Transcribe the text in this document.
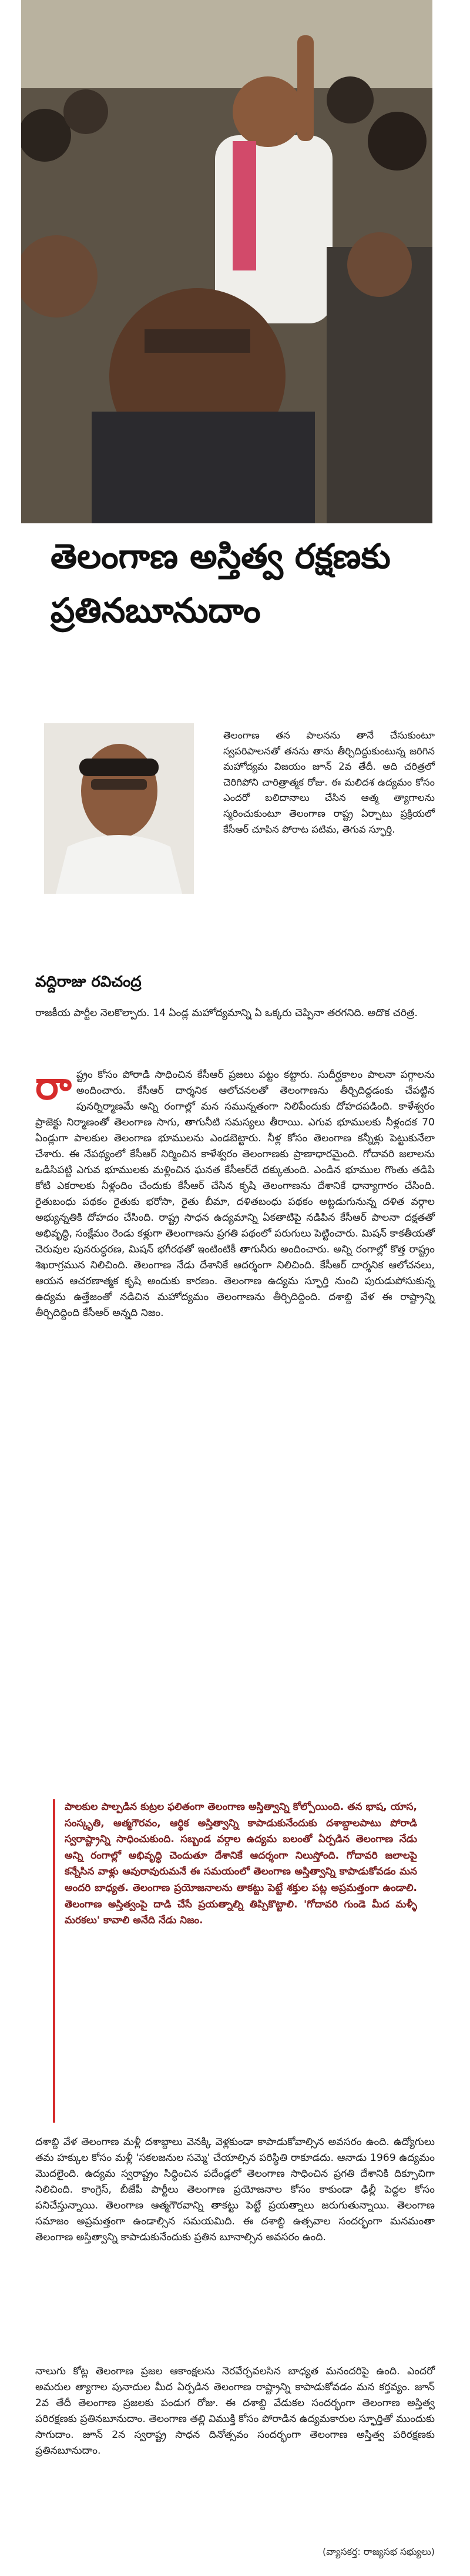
తెలంగాణ అస్తిత్వ రక్షణకు
ప్రతినబూనుదాం
వద్దిరాజు రవిచంద్ర

తెలంగాణ తన పాలనను తానే చేసుకుంటూ స్వపరిపాలనతో తనను తాను తీర్చిదిద్దుకుంటున్న జరిగిన మహోద్యమ విజయం జూన్ 2వ తేదీ. అది చరిత్రలో చెరిగిపోని చారిత్రాత్మక రోజు. ఈ మలిదశ ఉద్యమం కోసం ఎందరో బలిదానాలు చేసిన ఆత్మ త్యాగాలను స్మరించుకుంటూ తెలంగాణ రాష్ట్ర ఏర్పాటు ప్రక్రియలో కేసీఆర్ చూపిన పోరాట పటిమ, తెగువ స్ఫూర్తి.

రాజకీయ పార్టీల నెలకొల్పారు. 14 ఏండ్ల మహోద్యమాన్ని ఏ ఒక్కరు చెప్పినా తరగనిది. అదొక చరిత్ర.

రా ష్ట్రం కోసం పోరాడి సాధించిన కేసీఆర్ ప్రజలు పట్టం కట్టారు. సుదీర్ఘకాలం పాలనా పగ్గాలను అందించారు. కేసీఆర్ దార్శనిక ఆలోచనలతో తెలంగాణను తీర్చిదిద్దడంకు చేపట్టిన పునర్నిర్మాణమే అన్ని రంగాల్లో మన సమున్నతంగా నిలిపేందుకు దోహదపడింది. కాళేశ్వరం ప్రాజెక్టు నిర్మాణంతో తెలంగాణ సాగు, తాగునీటి సమస్యలు తీరాయి. ఎగువ భూములకు నీళ్లందక 70 ఏండ్లుగా పాలకుల తెలంగాణ భూములను ఎండబెట్టారు. నీళ్ల కోసం తెలంగాణ కన్నీళ్లు పెట్టుకునేలా చేశారు. ఈ నేపథ్యంలో కేసీఆర్ నిర్మించిన కాళేశ్వరం తెలంగాణకు ప్రాణాధారమైంది. గోదావరి జలాలను ఒడిసిపట్టి ఎగువ భూములకు మళ్లించిన ఘనత కేసీఆర్‌దే దక్కుతుంది. ఎండిన భూముల గొంతు తడిపి కోటి ఎకరాలకు నీళ్లందిం చేందుకు కేసీఆర్ చేసిన కృషి తెలంగాణను దేశానికే ధాన్యాగారం చేసింది. రైతుబంధు పథకం రైతుకు భరోసా, రైతు బీమా, దళితబంధు పథకం అట్టడుగునున్న దళిత వర్గాల అభ్యున్నతికి దోహదం చేసింది. రాష్ట్ర సాధన ఉద్యమాన్ని ఏకతాటిపై నడిపిన కేసీఆర్ పాలనా దక్షతతో అభివృద్ధి, సంక్షేమం రెండు కళ్లుగా తెలంగాణను ప్రగతి పథంలో పరుగులు పెట్టించారు. మిషన్ కాకతీయతో చెరువుల పునరుద్ధరణ, మిషన్ భగీరథతో ఇంటింటికీ తాగునీరు అందించారు. అన్ని రంగాల్లో కొత్త రాష్ట్రం శిఖరాగ్రమున నిలిచింది. తెలంగాణ నేడు దేశానికే ఆదర్శంగా నిలిచింది. కేసీఆర్ దార్శనిక ఆలోచనలు, ఆయన ఆచరణాత్మక కృషి అందుకు కారణం. తెలంగాణ ఉద్యమ స్ఫూర్తి నుంచి పురుడుపోసుకున్న ఉద్యమ ఉత్తేజంతో నడిచిన మహోద్యమం తెలంగాణను తీర్చిదిద్దింది. దశాబ్ది వేళ ఈ రాష్ట్రాన్ని తీర్చిదిద్దింది కేసీఆర్ అన్నది నిజం.

పాలకుల పాల్పడిన కుట్రల ఫలితంగా తెలంగాణ అస్తిత్వాన్ని కోల్పోయింది. తన భాష, యాస, సంస్కృతి, ఆత్మగౌరవం, ఆర్థిక అస్తిత్వాన్ని కాపాడుకునేందుకు దశాబ్దాలపాటు పోరాడి స్వరాష్ట్రాన్ని సాధించుకుంది. సబ్బండ వర్గాల ఉద్యమ బలంతో ఏర్పడిన తెలంగాణ నేడు అన్ని రంగాల్లో అభివృద్ధి చెందుతూ దేశానికే ఆదర్శంగా నిలుస్తోంది. గోదావరి జలాలపై కన్నేసిన వాళ్లు ఆవురావురుమనే ఈ సమయంలో తెలంగాణ అస్తిత్వాన్ని కాపాడుకోవడం మన అందరి బాధ్యత. తెలంగాణ ప్రయోజనాలను తాకట్టు పెట్టే శక్తుల పట్ల అప్రమత్తంగా ఉండాలి. తెలంగాణ అస్తిత్వంపై దాడి చేసే ప్రయత్నాల్ని తిప్పికొట్టాలి. 'గోదావరి గుండె మీద మళ్ళీ మరకలు' కావాలి అనేది నేడు నిజం.

దశాబ్ది వేళ తెలంగాణ మళ్లీ దశాబ్దాలు వెనక్కి వెళ్లకుండా కాపాడుకోవాల్సిన అవసరం ఉంది. ఉద్యోగులు తమ హక్కుల కోసం మళ్లీ 'సకలజనుల సమ్మె' చేయాల్సిన పరిస్థితి రాకూడదు. ఆనాడు 1969 ఉద్యమం మొదలైంది. ఉద్యమ స్వరాష్ట్రం సిద్ధించిన పదేండ్లలో తెలంగాణ సాధించిన ప్రగతి దేశానికి దిక్సూచిగా నిలిచింది. కాంగ్రెస్, బీజేపీ పార్టీలు తెలంగాణ ప్రయోజనాల కోసం కాకుండా ఢిల్లీ పెద్దల కోసం పనిచేస్తున్నాయి. తెలంగాణ ఆత్మగౌరవాన్ని తాకట్టు పెట్టే ప్రయత్నాలు జరుగుతున్నాయి. తెలంగాణ సమాజం అప్రమత్తంగా ఉండాల్సిన సమయమిది. ఈ దశాబ్ది ఉత్సవాల సందర్భంగా మనమంతా తెలంగాణ అస్తిత్వాన్ని కాపాడుకునేందుకు ప్రతిన బూనాల్సిన అవసరం ఉంది.

నాలుగు కోట్ల తెలంగాణ ప్రజల ఆకాంక్షలను నెరవేర్చవలసిన బాధ్యత మనందరిపై ఉంది. ఎందరో అమరుల త్యాగాల పునాదుల మీద ఏర్పడిన తెలంగాణ రాష్ట్రాన్ని కాపాడుకోవడం మన కర్తవ్యం. జూన్ 2వ తేదీ తెలంగాణ ప్రజలకు పండుగ రోజు. ఈ దశాబ్ది వేడుకల సందర్భంగా తెలంగాణ అస్తిత్వ పరిరక్షణకు ప్రతినబూనుదాం. తెలంగాణ తల్లి విముక్తి కోసం పోరాడిన ఉద్యమకారుల స్ఫూర్తితో ముందుకు సాగుదాం. జూన్ 2న స్వరాష్ట్ర సాధన దినోత్సవం సందర్భంగా తెలంగాణ అస్తిత్వ పరిరక్షణకు ప్రతినబూనుదాం.

(వ్యాసకర్త: రాజ్యసభ సభ్యులు)
